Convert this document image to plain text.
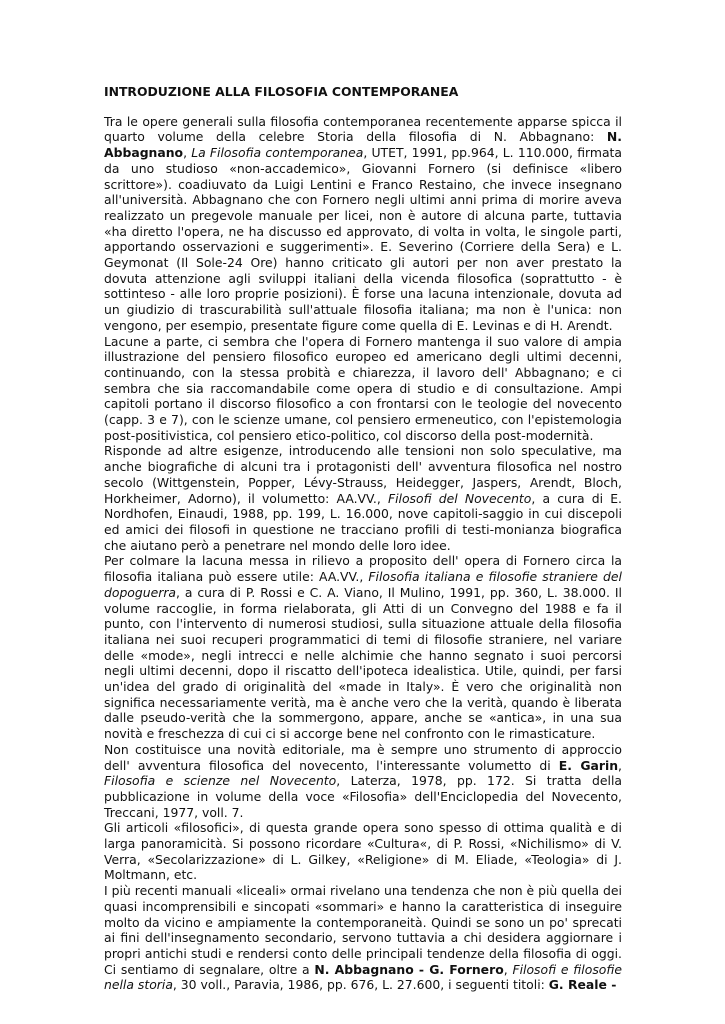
INTRODUZIONE ALLA FILOSOFIA CONTEMPORANEA

Tra le opere generali sulla filosofia contemporanea recentemente apparse spicca il quarto volume della celebre Storia della filosofia di N. Abbagnano: N. Abbagnano, La Filosofia contemporanea, UTET, 1991, pp.964, L. 110.000, firmata da uno studioso «non-accademico», Giovanni Fornero (si definisce «libero scrittore»). coadiuvato da Luigi Lentini e Franco Restaino, che invece insegnano all'università. Abbagnano che con Fornero negli ultimi anni prima di morire aveva realizzato un pregevole manuale per licei, non è autore di alcuna parte, tuttavia «ha diretto l'opera, ne ha discusso ed approvato, di volta in volta, le singole parti, apportando osservazioni e suggerimenti». E. Severino (Corriere della Sera) e L. Geymonat (Il Sole-24 Ore) hanno criticato gli autori per non aver prestato la dovuta attenzione agli sviluppi italiani della vicenda filosofica (soprattutto - è sottinteso - alle loro proprie posizioni). È forse una lacuna intenzionale, dovuta ad un giudizio di trascurabilità sull'attuale filosofia italiana; ma non è l'unica: non vengono, per esempio, presentate figure come quella di E. Levinas e di H. Arendt.

Lacune a parte, ci sembra che l'opera di Fornero mantenga il suo valore di ampia illustrazione del pensiero filosofico europeo ed americano degli ultimi decenni, continuando, con la stessa probità e chiarezza, il lavoro dell' Abbagnano; e ci sembra che sia raccomandabile come opera di studio e di consultazione. Ampi capitoli portano il discorso filosofico a con frontarsi con le teologie del novecento (capp. 3 e 7), con le scienze umane, col pensiero ermeneutico, con l'epistemologia post-positivistica, col pensiero etico-politico, col discorso della post-modernità.

Risponde ad altre esigenze, introducendo alle tensioni non solo speculative, ma anche biografiche di alcuni tra i protagonisti dell' avventura filosofica nel nostro secolo (Wittgenstein, Popper, Lévy-Strauss, Heidegger, Jaspers, Arendt, Bloch, Horkheimer, Adorno), il volumetto: AA.VV., Filosofi del Novecento, a cura di E. Nordhofen, Einaudi, 1988, pp. 199, L. 16.000, nove capitoli-saggio in cui discepoli ed amici dei filosofi in questione ne tracciano profili di testi-monianza biografica che aiutano però a penetrare nel mondo delle loro idee.

Per colmare la lacuna messa in rilievo a proposito dell' opera di Fornero circa la filosofia italiana può essere utile: AA.VV., Filosofia italiana e filosofie straniere del dopoguerra, a cura di P. Rossi e C. A. Viano, Il Mulino, 1991, pp. 360, L. 38.000. Il volume raccoglie, in forma rielaborata, gli Atti di un Convegno del 1988 e fa il punto, con l'intervento di numerosi studiosi, sulla situazione attuale della filosofia italiana nei suoi recuperi programmatici di temi di filosofie straniere, nel variare delle «mode», negli intrecci e nelle alchimie che hanno segnato i suoi percorsi negli ultimi decenni, dopo il riscatto dell'ipoteca idealistica. Utile, quindi, per farsi un'idea del grado di originalità del «made in Italy». È vero che originalità non significa necessariamente verità, ma è anche vero che la verità, quando è liberata dalle pseudo-verità che la sommergono, appare, anche se «antica», in una sua novità e freschezza di cui ci si accorge bene nel confronto con le rimasticature.

Non costituisce una novità editoriale, ma è sempre uno strumento di approccio dell' avventura filosofica del novecento, l'interessante volumetto di E. Garin, Filosofia e scienze nel Novecento, Laterza, 1978, pp. 172. Si tratta della pubblicazione in volume della voce «Filosofia» dell'Enciclopedia del Novecento, Treccani, 1977, voll. 7.

Gli articoli «filosofici», di questa grande opera sono spesso di ottima qualità e di larga panoramicità. Si possono ricordare «Cultura«, di P. Rossi, «Nichilismo» di V. Verra, «Secolarizzazione» di L. Gilkey, «Religione» di M. Eliade, «Teologia» di J. Moltmann, etc.

I più recenti manuali «liceali» ormai rivelano una tendenza che non è più quella dei quasi incomprensibili e sincopati «sommari» e hanno la caratteristica di inseguire molto da vicino e ampiamente la contemporaneità. Quindi se sono un po' sprecati ai fini dell'insegnamento secondario, servono tuttavia a chi desidera aggiornare i propri antichi studi e rendersi conto delle principali tendenze della filosofia di oggi. Ci sentiamo di segnalare, oltre a N. Abbagnano - G. Fornero, Filosofi e filosofie nella storia, 30 voll., Paravia, 1986, pp. 676, L. 27.600, i seguenti titoli: G. Reale -
